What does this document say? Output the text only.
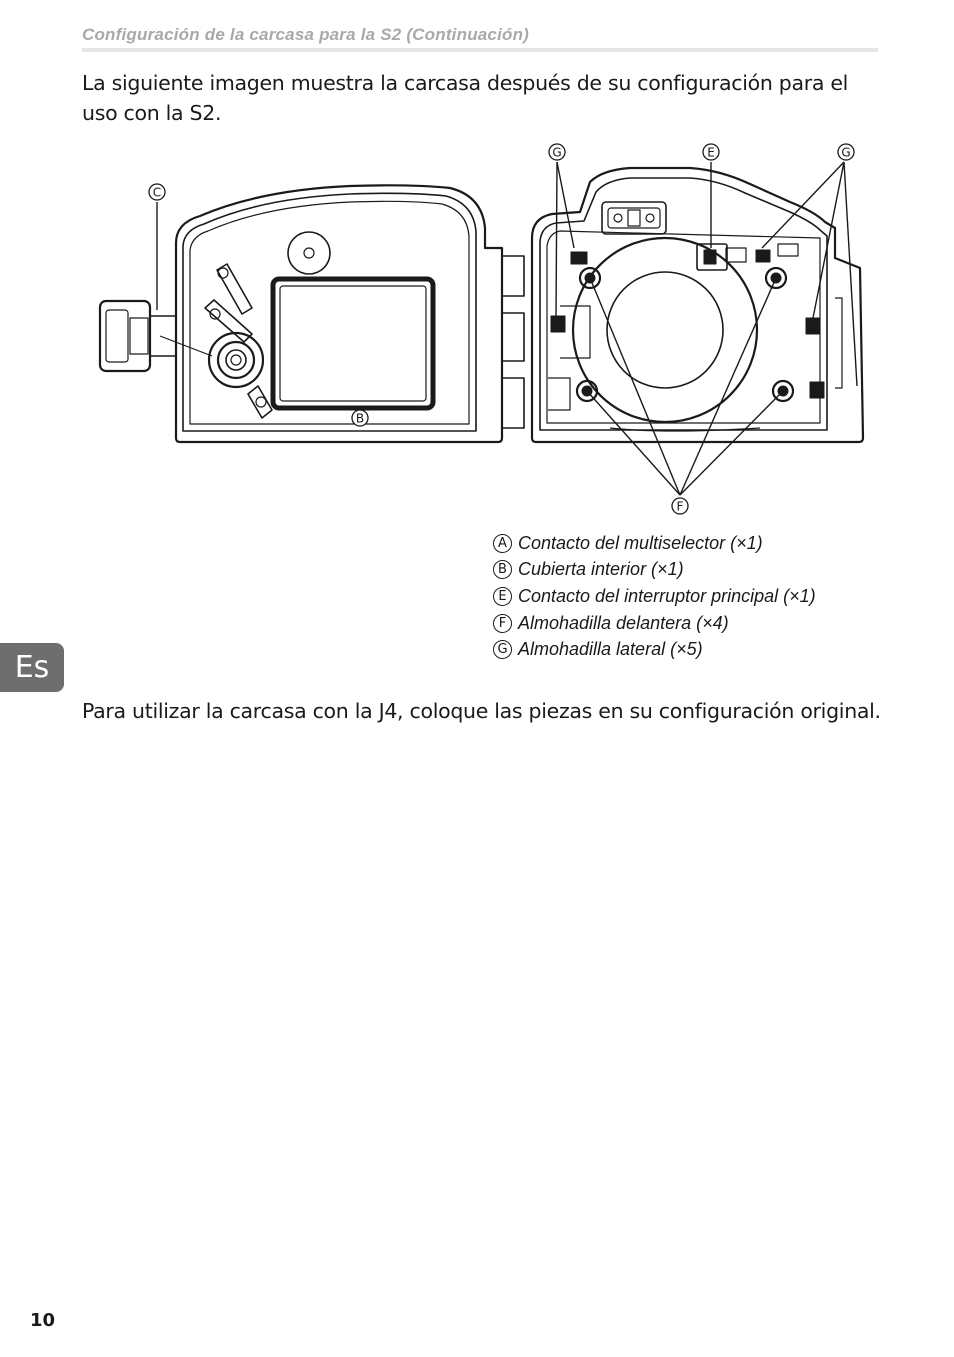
Configuración de la carcasa para la S2 (Continuación)

La siguiente imagen muestra la carcasa después de su configuración para el uso con la S2.

C
B
G	E	G
F
A Contacto del multiselector (×1)
B Cubierta interior (×1)
E Contacto del interruptor principal (×1)
F Almohadilla delantera (×4)
G Almohadilla lateral (×5)
Es

Para utilizar la carcasa con la J4, coloque las piezas en su configuración original.

10
